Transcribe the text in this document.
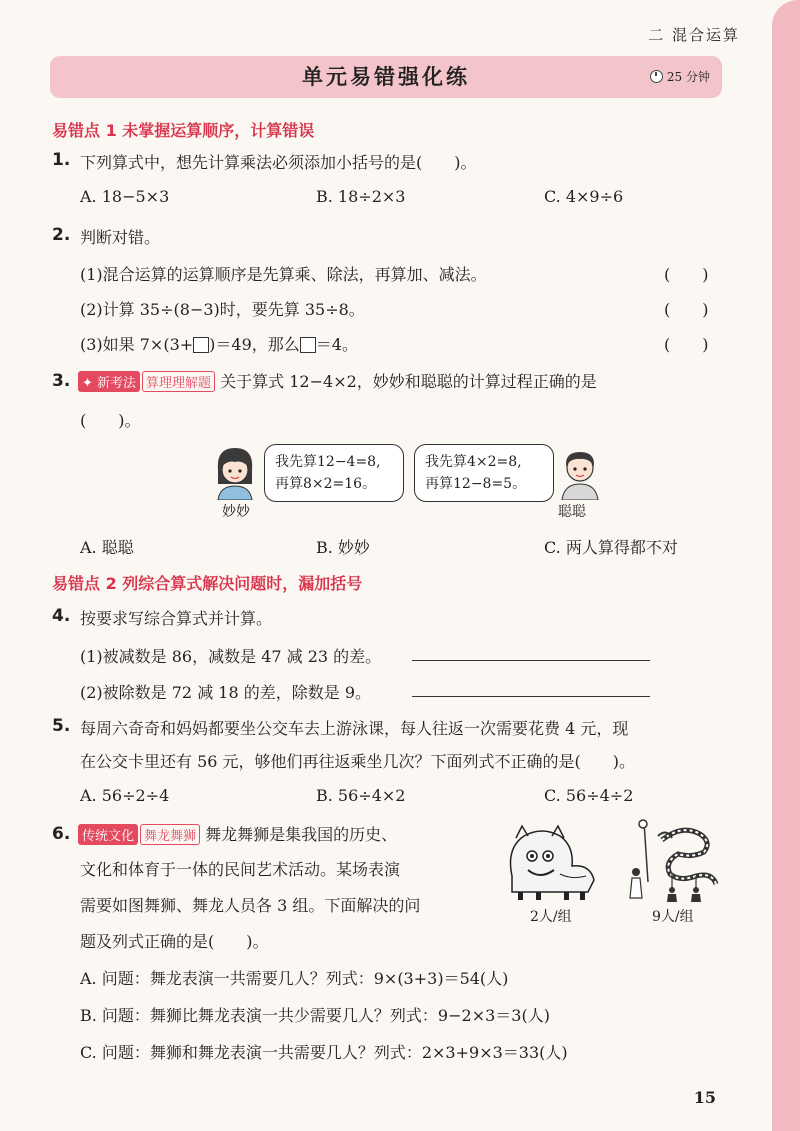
二 混合运算
单元易错强化练	25 分钟
易错点 1 未掌握运算顺序，计算错误
1. 下列算式中，想先计算乘法必须添加小括号的是(　　)。
A. 18−5×3	B. 18÷2×3	C. 4×9÷6
2. 判断对错。
(1)混合运算的运算顺序是先算乘、除法，再算加、减法。	(　　)
(2)计算 35÷(8−3)时，要先算 35÷8。	(　　)
(3)如果 7×(3+ )＝49，那么 ＝4。	(　　)
3. ✦ 新考法 算理理解题 关于算式 12−4×2，妙妙和聪聪的计算过程正确的是
(　　)。
妙妙
我先算12−4=8,
再算8×2=16。
我先算4×2=8,
再算12−8=5。
聪聪
A. 聪聪	B. 妙妙	C. 两人算得都不对
易错点 2 列综合算式解决问题时，漏加括号
4. 按要求写综合算式并计算。
(1)被减数是 86，减数是 47 减 23 的差。
(2)被除数是 72 减 18 的差，除数是 9。
5. 每周六奇奇和妈妈都要坐公交车去上游泳课，每人往返一次需要花费 4 元，现
在公交卡里还有 56 元，够他们再往返乘坐几次？下面列式不正确的是(　　)。
A. 56÷2÷4	B. 56÷4×2	C. 56÷4÷2
6. 传统文化 舞龙舞狮 舞龙舞狮是集我国的历史、
文化和体育于一体的民间艺术活动。某场表演
需要如图舞狮、舞龙人员各 3 组。下面解决的问
题及列式正确的是(　　)。
2人/组	9人/组
A. 问题：舞龙表演一共需要几人？列式：9×(3+3)＝54(人)
B. 问题：舞狮比舞龙表演一共少需要几人？列式：9−2×3＝3(人)
C. 问题：舞狮和舞龙表演一共需要几人？列式：2×3+9×3＝33(人)
15
